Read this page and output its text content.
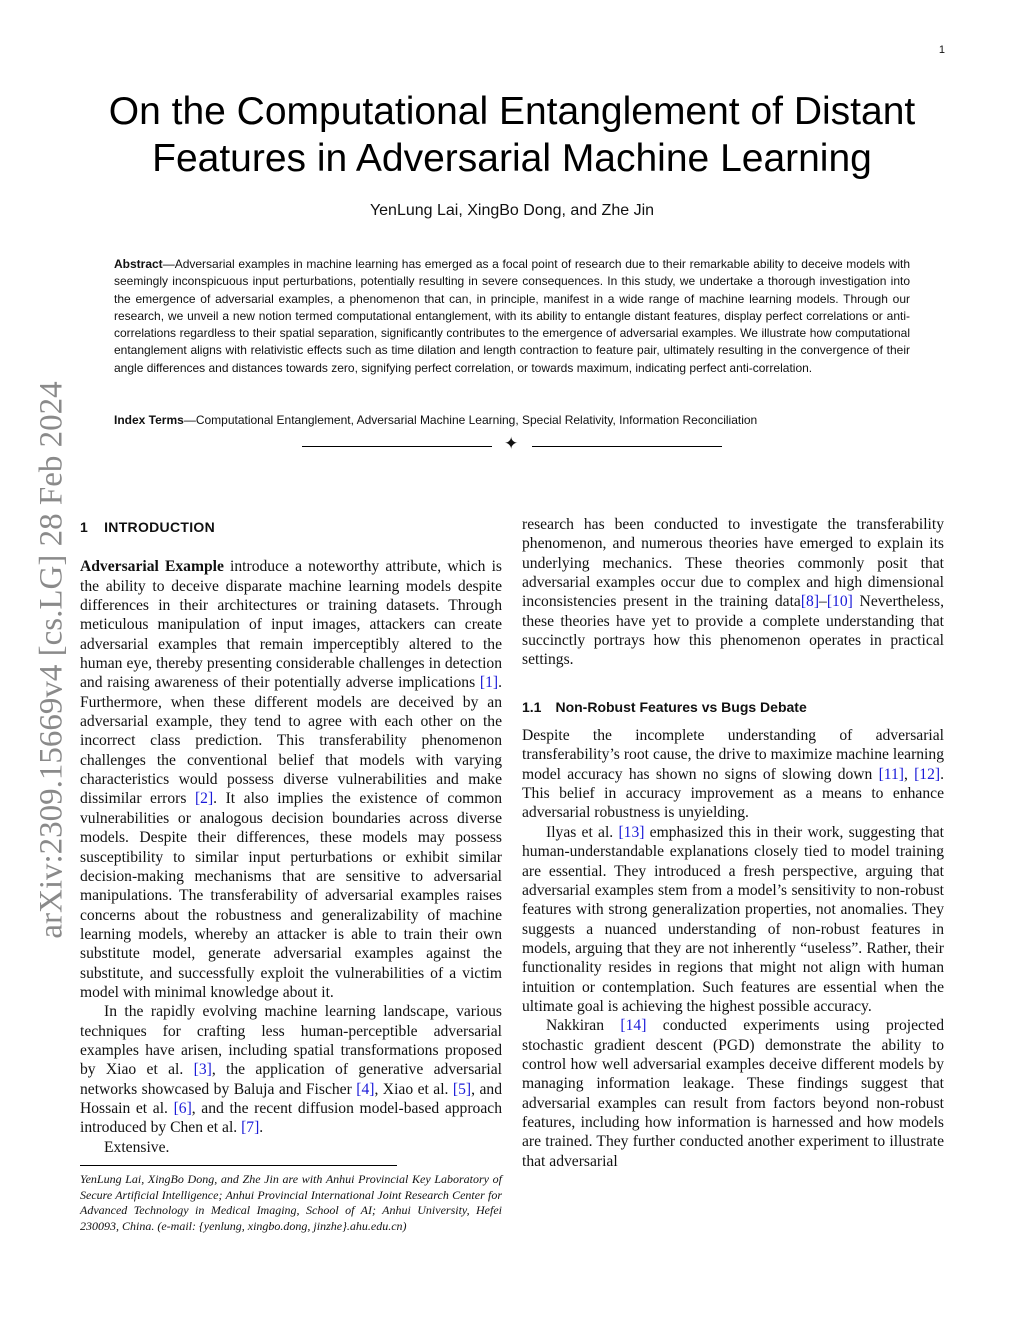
1
arXiv:2309.15669v4 [cs.LG] 28 Feb 2024
On the Computational Entanglement of Distant Features in Adversarial Machine Learning
YenLung Lai, XingBo Dong, and Zhe Jin

Abstract—Adversarial examples in machine learning has emerged as a focal point of research due to their remarkable ability to deceive models with seemingly inconspicuous input perturbations, potentially resulting in severe consequences. In this study, we undertake a thorough investigation into the emergence of adversarial examples, a phenomenon that can, in principle, manifest in a wide range of machine learning models. Through our research, we unveil a new notion termed computational entanglement, with its ability to entangle distant features, display perfect correlations or anti-correlations regardless to their spatial separation, significantly contributes to the emergence of adversarial examples. We illustrate how computational entanglement aligns with relativistic effects such as time dilation and length contraction to feature pair, ultimately resulting in the convergence of their angle differences and distances towards zero, signifying perfect correlation, or towards maximum, indicating perfect anti-correlation.

Index Terms—Computational Entanglement, Adversarial Machine Learning, Special Relativity, Information Reconciliation

✦
1 INTRODUCTION

Adversarial Example introduce a noteworthy attribute, which is the ability to deceive disparate machine learning models despite differences in their architectures or training datasets. Through meticulous manipulation of input images, attackers can create adversarial examples that remain imperceptibly altered to the human eye, thereby presenting considerable challenges in detection and raising awareness of their potentially adverse implications [1]. Furthermore, when these different models are deceived by an adversarial example, they tend to agree with each other on the incorrect class prediction. This transferability phenomenon challenges the conventional belief that models with varying characteristics would possess diverse vulnerabilities and make dissimilar errors [2]. It also implies the existence of common vulnerabilities or analogous decision boundaries across diverse models. Despite their differences, these models may possess susceptibility to similar input perturbations or exhibit similar decision-making mechanisms that are sensitive to adversarial manipulations. The transferability of adversarial examples raises concerns about the robustness and generalizability of machine learning models, whereby an attacker is able to train their own substitute model, generate adversarial examples against the substitute, and successfully exploit the vulnerabilities of a victim model with minimal knowledge about it.

In the rapidly evolving machine learning landscape, various techniques for crafting less human-perceptible adversarial examples have arisen, including spatial transformations proposed by Xiao et al. [3], the application of generative adversarial networks showcased by Baluja and Fischer [4], Xiao et al. [5], and Hossain et al. [6], and the recent diffusion model-based approach introduced by Chen et al. [7].

Extensive.

research has been conducted to investigate the transferability phenomenon, and numerous theories have emerged to explain its underlying mechanics. These theories commonly posit that adversarial examples occur due to complex and high dimensional inconsistencies present in the training data[8]–[10] Nevertheless, these theories have yet to provide a complete understanding that succinctly portrays how this phenomenon operates in practical settings.

1.1 Non-Robust Features vs Bugs Debate

Despite the incomplete understanding of adversarial transferability’s root cause, the drive to maximize machine learning model accuracy has shown no signs of slowing down [11], [12]. This belief in accuracy improvement as a means to enhance adversarial robustness is unyielding.

Ilyas et al. [13] emphasized this in their work, suggesting that human-understandable explanations closely tied to model training are essential. They introduced a fresh perspective, arguing that adversarial examples stem from a model’s sensitivity to non-robust features with strong generalization properties, not anomalies. They suggests a nuanced understanding of non-robust features in models, arguing that they are not inherently “useless”. Rather, their functionality resides in regions that might not align with human intuition or contemplation. Such features are essential when the ultimate goal is achieving the highest possible accuracy.

Nakkiran [14] conducted experiments using projected stochastic gradient descent (PGD) demonstrate the ability to control how well adversarial examples deceive different models by managing information leakage. These findings suggest that adversarial examples can result from factors beyond non-robust features, including how information is harnessed and how models are trained. They further conducted another experiment to illustrate that adversarial

YenLung Lai, XingBo Dong, and Zhe Jin are with Anhui Provincial Key Laboratory of Secure Artificial Intelligence; Anhui Provincial International Joint Research Center for Advanced Technology in Medical Imaging, School of AI; Anhui University, Hefei 230093, China. (e-mail: {yenlung, xingbo.dong, jinzhe}.ahu.edu.cn)
